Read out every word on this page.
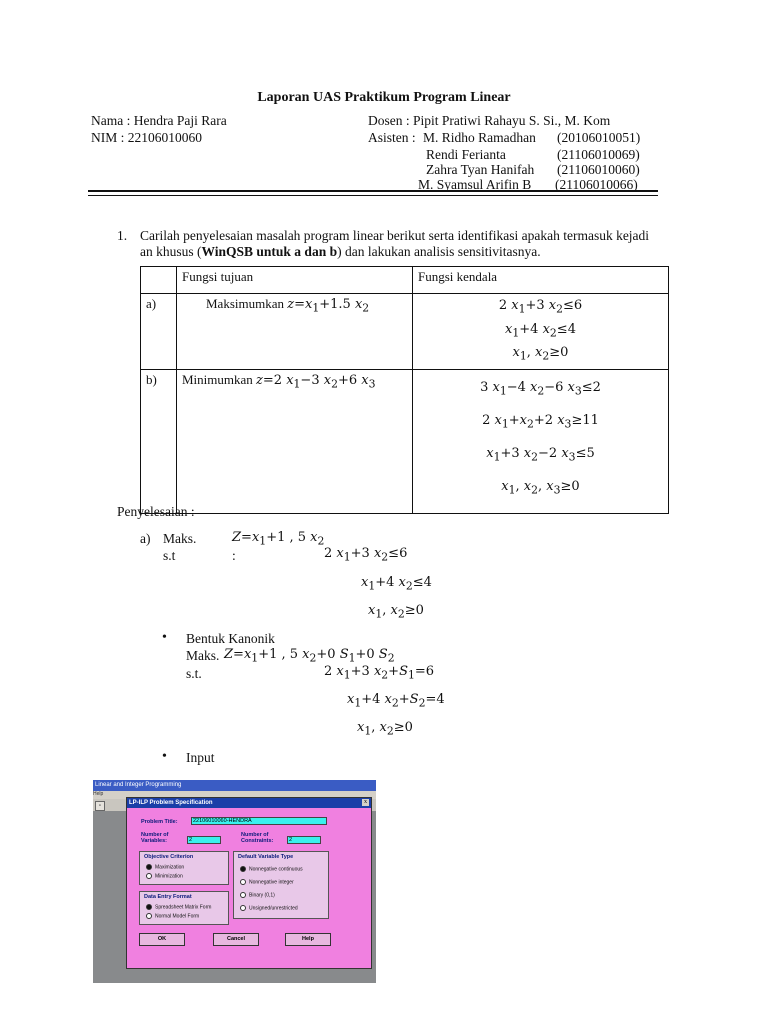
Laporan UAS Praktikum Program Linear
Nama : Hendra Paji Rara
NIM : 22106010060
Dosen : Pipit Pratiwi Rahayu S. Si., M. Kom
Asisten : M. Ridho Ramadhan (20106010051)
Rendi Ferianta	(21106010069)
Zahra Tyan Hanifah (21106010060)
M. Syamsul Arifin B (21106010066)
1. Carilah penyelesaian masalah program linear berikut serta identifikasi apakah termasuk kejadi
an khusus (WinQSB untuk a dan b) dan lakukan analisis sensitivitasnya.
	Fungsi tujuan	Fungsi kendala
a)	Maksimumkan $z=x_1+1.5$ $x_2$	2 $x_1+3$ $x_2\le 6$
$x_1+4$ $x_2\le 4$
$x_1$, $x_2\ge 0$

b)	Minimumkan z=2 $x_1-3$ $x_2+6$ $x_3$	3 $x_1-4$ $x_2-6$ $x_3\le 2$
2 $x_1+x_2+2$ $x_3\ge 11$
$x_1+3$ $x_2-2$ $x_3\le 5$
$x_1$, $x_2$, $x_3\ge 0$
Penyelesaian :
a) Maks.	$Z=x_1+1$ , 5 $x_2$
s.t	:	2 $x_1+3$ $x_2\le 6$
$x_1+4$ $x_2\le 4$
$x_1$, $x_2\ge 0$
• Bentuk Kanonik
Maks. $Z=x_1+1$ , 5 $x_2+0$ $S_1+0$ $S_2$
s.t.	2 $x_1+3$ $x_2+S_1=6$
$x_1+4$ $x_2+S_2=4$
$x_1$, $x_2\ge 0$
• Input
Linear and Integer Programming
Help
▫	LP-ILP Problem Specification	x
Problem Title:	22106010060-HENDRA
Number of Variables:	2
Number of Constraints:	2
Objective Criterion
Maximization
Minimization
Default Variable Type
Nonnegative continuous
Nonnegative integer
Binary (0,1)
Unsigned/unrestricted
Data Entry Format
Spreadsheet Matrix Form
Normal Model Form
OK	Cancel	Help
